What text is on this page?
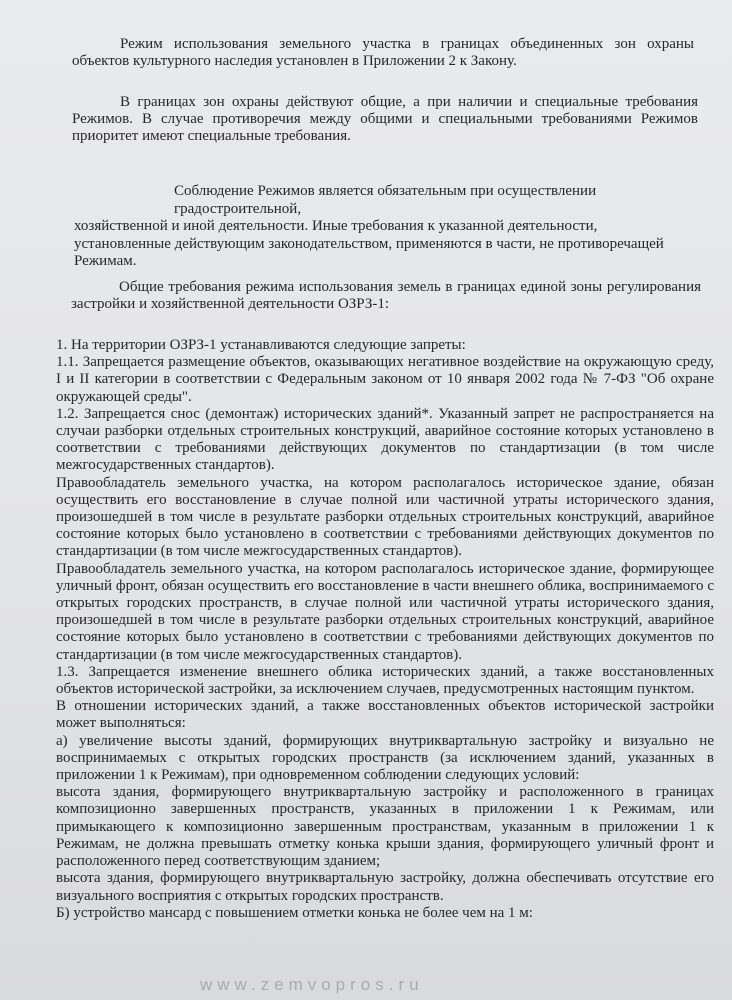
Режим использования земельного участка в границах объединенных зон охраны объектов культурного наследия установлен в Приложении 2 к Закону.

В границах зон охраны действуют общие, а при наличии и специальные требования Режимов. В случае противоречия между общими и специальными требованиями Режимов приоритет имеют специальные требования.

Соблюдение Режимов является обязательным при осуществлении градостроительной,
хозяйственной и иной деятельности. Иные требования к указанной деятельности,
установленные действующим законодательством, применяются в части, не противоречащей
Режимам.

Общие требования режима использования земель в границах единой зоны регулирования застройки и хозяйственной деятельности ОЗРЗ-1:

1. На территории ОЗРЗ-1 устанавливаются следующие запреты:

1.1. Запрещается размещение объектов, оказывающих негативное воздействие на окружающую среду, I и II категории в соответствии с Федеральным законом от 10 января 2002 года № 7-ФЗ "Об охране окружающей среды".

1.2. Запрещается снос (демонтаж) исторических зданий*. Указанный запрет не распространяется на случаи разборки отдельных строительных конструкций, аварийное состояние которых установлено в соответствии с требованиями действующих документов по стандартизации (в том числе межгосударственных стандартов).

Правообладатель земельного участка, на котором располагалось историческое здание, обязан осуществить его восстановление в случае полной или частичной утраты исторического здания, произошедшей в том числе в результате разборки отдельных строительных конструкций, аварийное состояние которых было установлено в соответствии с требованиями действующих документов по стандартизации (в том числе межгосударственных стандартов).

Правообладатель земельного участка, на котором располагалось историческое здание, формирующее уличный фронт, обязан осуществить его восстановление в части внешнего облика, воспринимаемого с открытых городских пространств, в случае полной или частичной утраты исторического здания, произошедшей в том числе в результате разборки отдельных строительных конструкций, аварийное состояние которых было установлено в соответствии с требованиями действующих документов по стандартизации (в том числе межгосударственных стандартов).

1.3. Запрещается изменение внешнего облика исторических зданий, а также восстановленных объектов исторической застройки, за исключением случаев, предусмотренных настоящим пунктом.

В отношении исторических зданий, а также восстановленных объектов исторической застройки может выполняться:

а) увеличение высоты зданий, формирующих внутриквартальную застройку и визуально не воспринимаемых с открытых городских пространств (за исключением зданий, указанных в приложении 1 к Режимам), при одновременном соблюдении следующих условий:

высота здания, формирующего внутриквартальную застройку и расположенного в границах композиционно завершенных пространств, указанных в приложении 1 к Режимам, или примыкающего к композиционно завершенным пространствам, указанным в приложении 1 к Режимам, не должна превышать отметку конька крыши здания, формирующего уличный фронт и расположенного перед соответствующим зданием;

высота здания, формирующего внутриквартальную застройку, должна обеспечивать отсутствие его визуального восприятия с открытых городских пространств.

Б) устройство мансард с повышением отметки конька не более чем на 1 м:

www.zemvopros.ru
